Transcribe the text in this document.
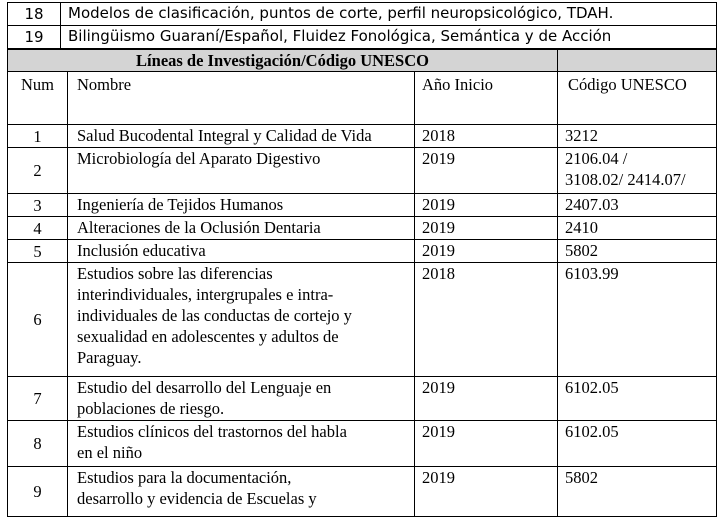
18	Modelos de clasificación, puntos de corte, perfil neuropsicológico, TDAH.
19	Bilingüismo Guaraní/Español, Fluidez Fonológica, Semántica y de Acción
Líneas de Investigación/Código UNESCO			
Num	Nombre	Año Inicio	Código UNESCO
1	Salud Bucodental Integral y Calidad de Vida	2018	3212

2	Microbiología del Aparato Digestivo	2019	2106.04 /
3108.02/ 2414.07/

3	Ingeniería de Tejidos Humanos	2019	2407.03

4	Alteraciones de la Oclusión Dentaria	2019	2410

5	Inclusión educativa	2019	5802

6	Estudios sobre las diferencias
interindividuales, intergrupales e intra-
individuales de las conductas de cortejo y
sexualidad en adolescentes y adultos de
Paraguay.	2018	6103.99

7	Estudio del desarrollo del Lenguaje en
poblaciones de riesgo.	2019	6102.05

8	Estudios clínicos del trastornos del habla
en el niño	2019	6102.05

9	Estudios para la documentación,
desarrollo y evidencia de Escuelas y	2019	5802
